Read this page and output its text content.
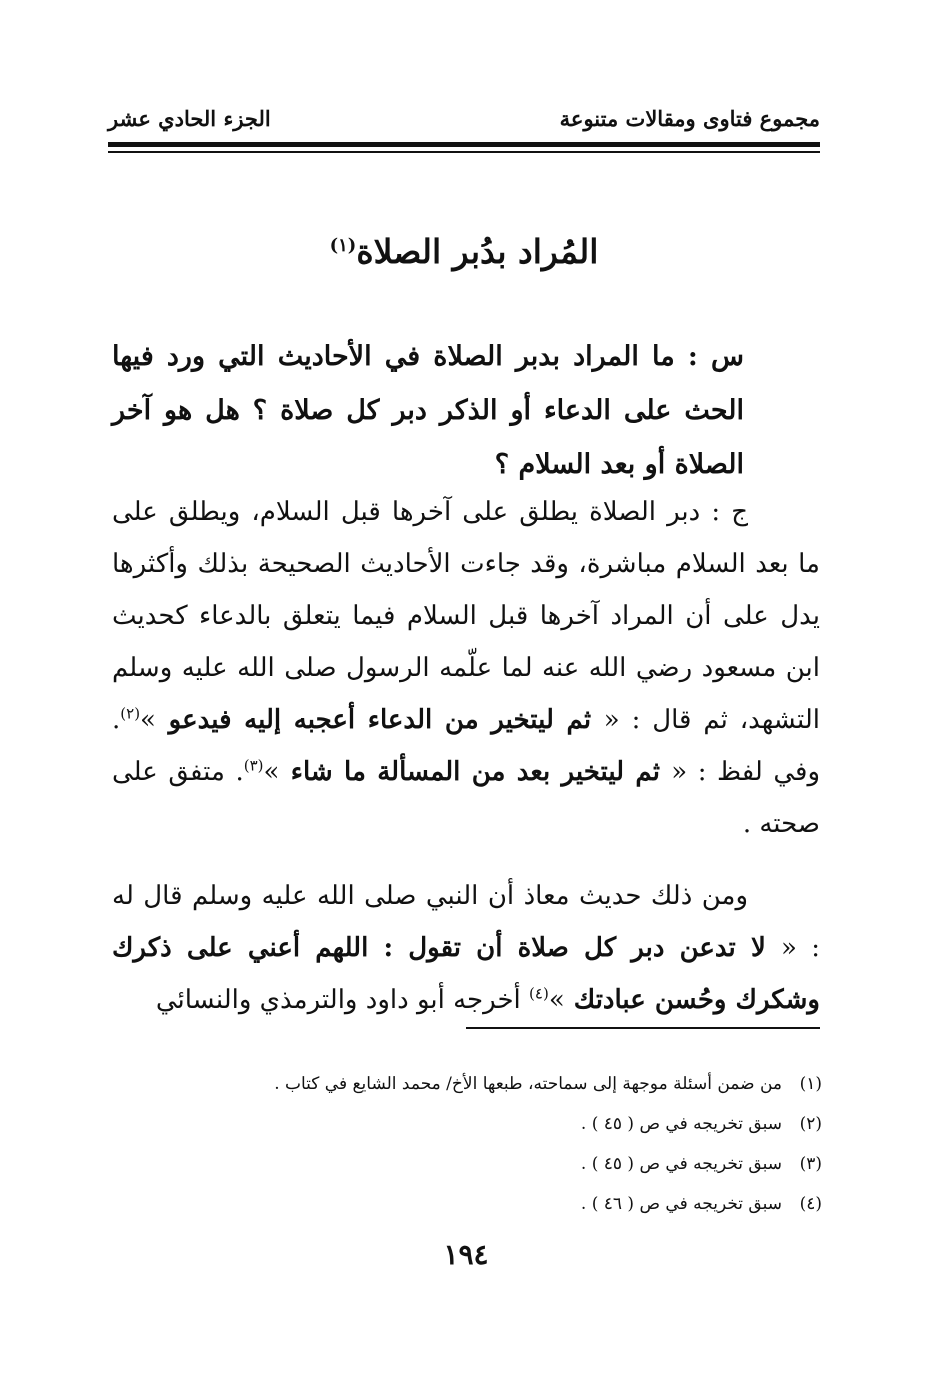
مجموع فتاوى ومقالات متنوعة
الجزء الحادي عشر
المُراد بدُبر الصلاة$^{(١)}$
س : ما المراد بدبر الصلاة في الأحاديث التي ورد فيها الحث على الدعاء أو الذكر دبر كل صلاة ؟ هل هو آخر الصلاة أو بعد السلام ؟

ج : دبر الصلاة يطلق على آخرها قبل السلام، ويطلق على ما بعد السلام مباشرة، وقد جاءت الأحاديث الصحيحة بذلك وأكثرها يدل على أن المراد آخرها قبل السلام فيما يتعلق بالدعاء كحديث ابن مسعود رضي الله عنه لما علّمه الرسول صلى الله عليه وسلم التشهد، ثم قال : « ثم ليتخير من الدعاء أعجبه إليه فيدعو »$^{(٢)}$. وفي لفظ : « ثم ليتخير بعد من المسألة ما شاء »$^{(٣)}$. متفق على صحته .

ومن ذلك حديث معاذ أن النبي صلى الله عليه وسلم قال له : « لا تدعن دبر كل صلاة أن تقول : اللهم أعني على ذكرك وشكرك وحُسن عبادتك »$^{(٤)}$ أخرجه أبو داود والترمذي والنسائي

(١)من ضمن أسئلة موجهة إلى سماحته، طبعها الأخ/ محمد الشايع في كتاب .
(٢)سبق تخريجه في ص ( ٤٥ ) .
(٣)سبق تخريجه في ص ( ٤٥ ) .
(٤)سبق تخريجه في ص ( ٤٦ ) .
١٩٤
